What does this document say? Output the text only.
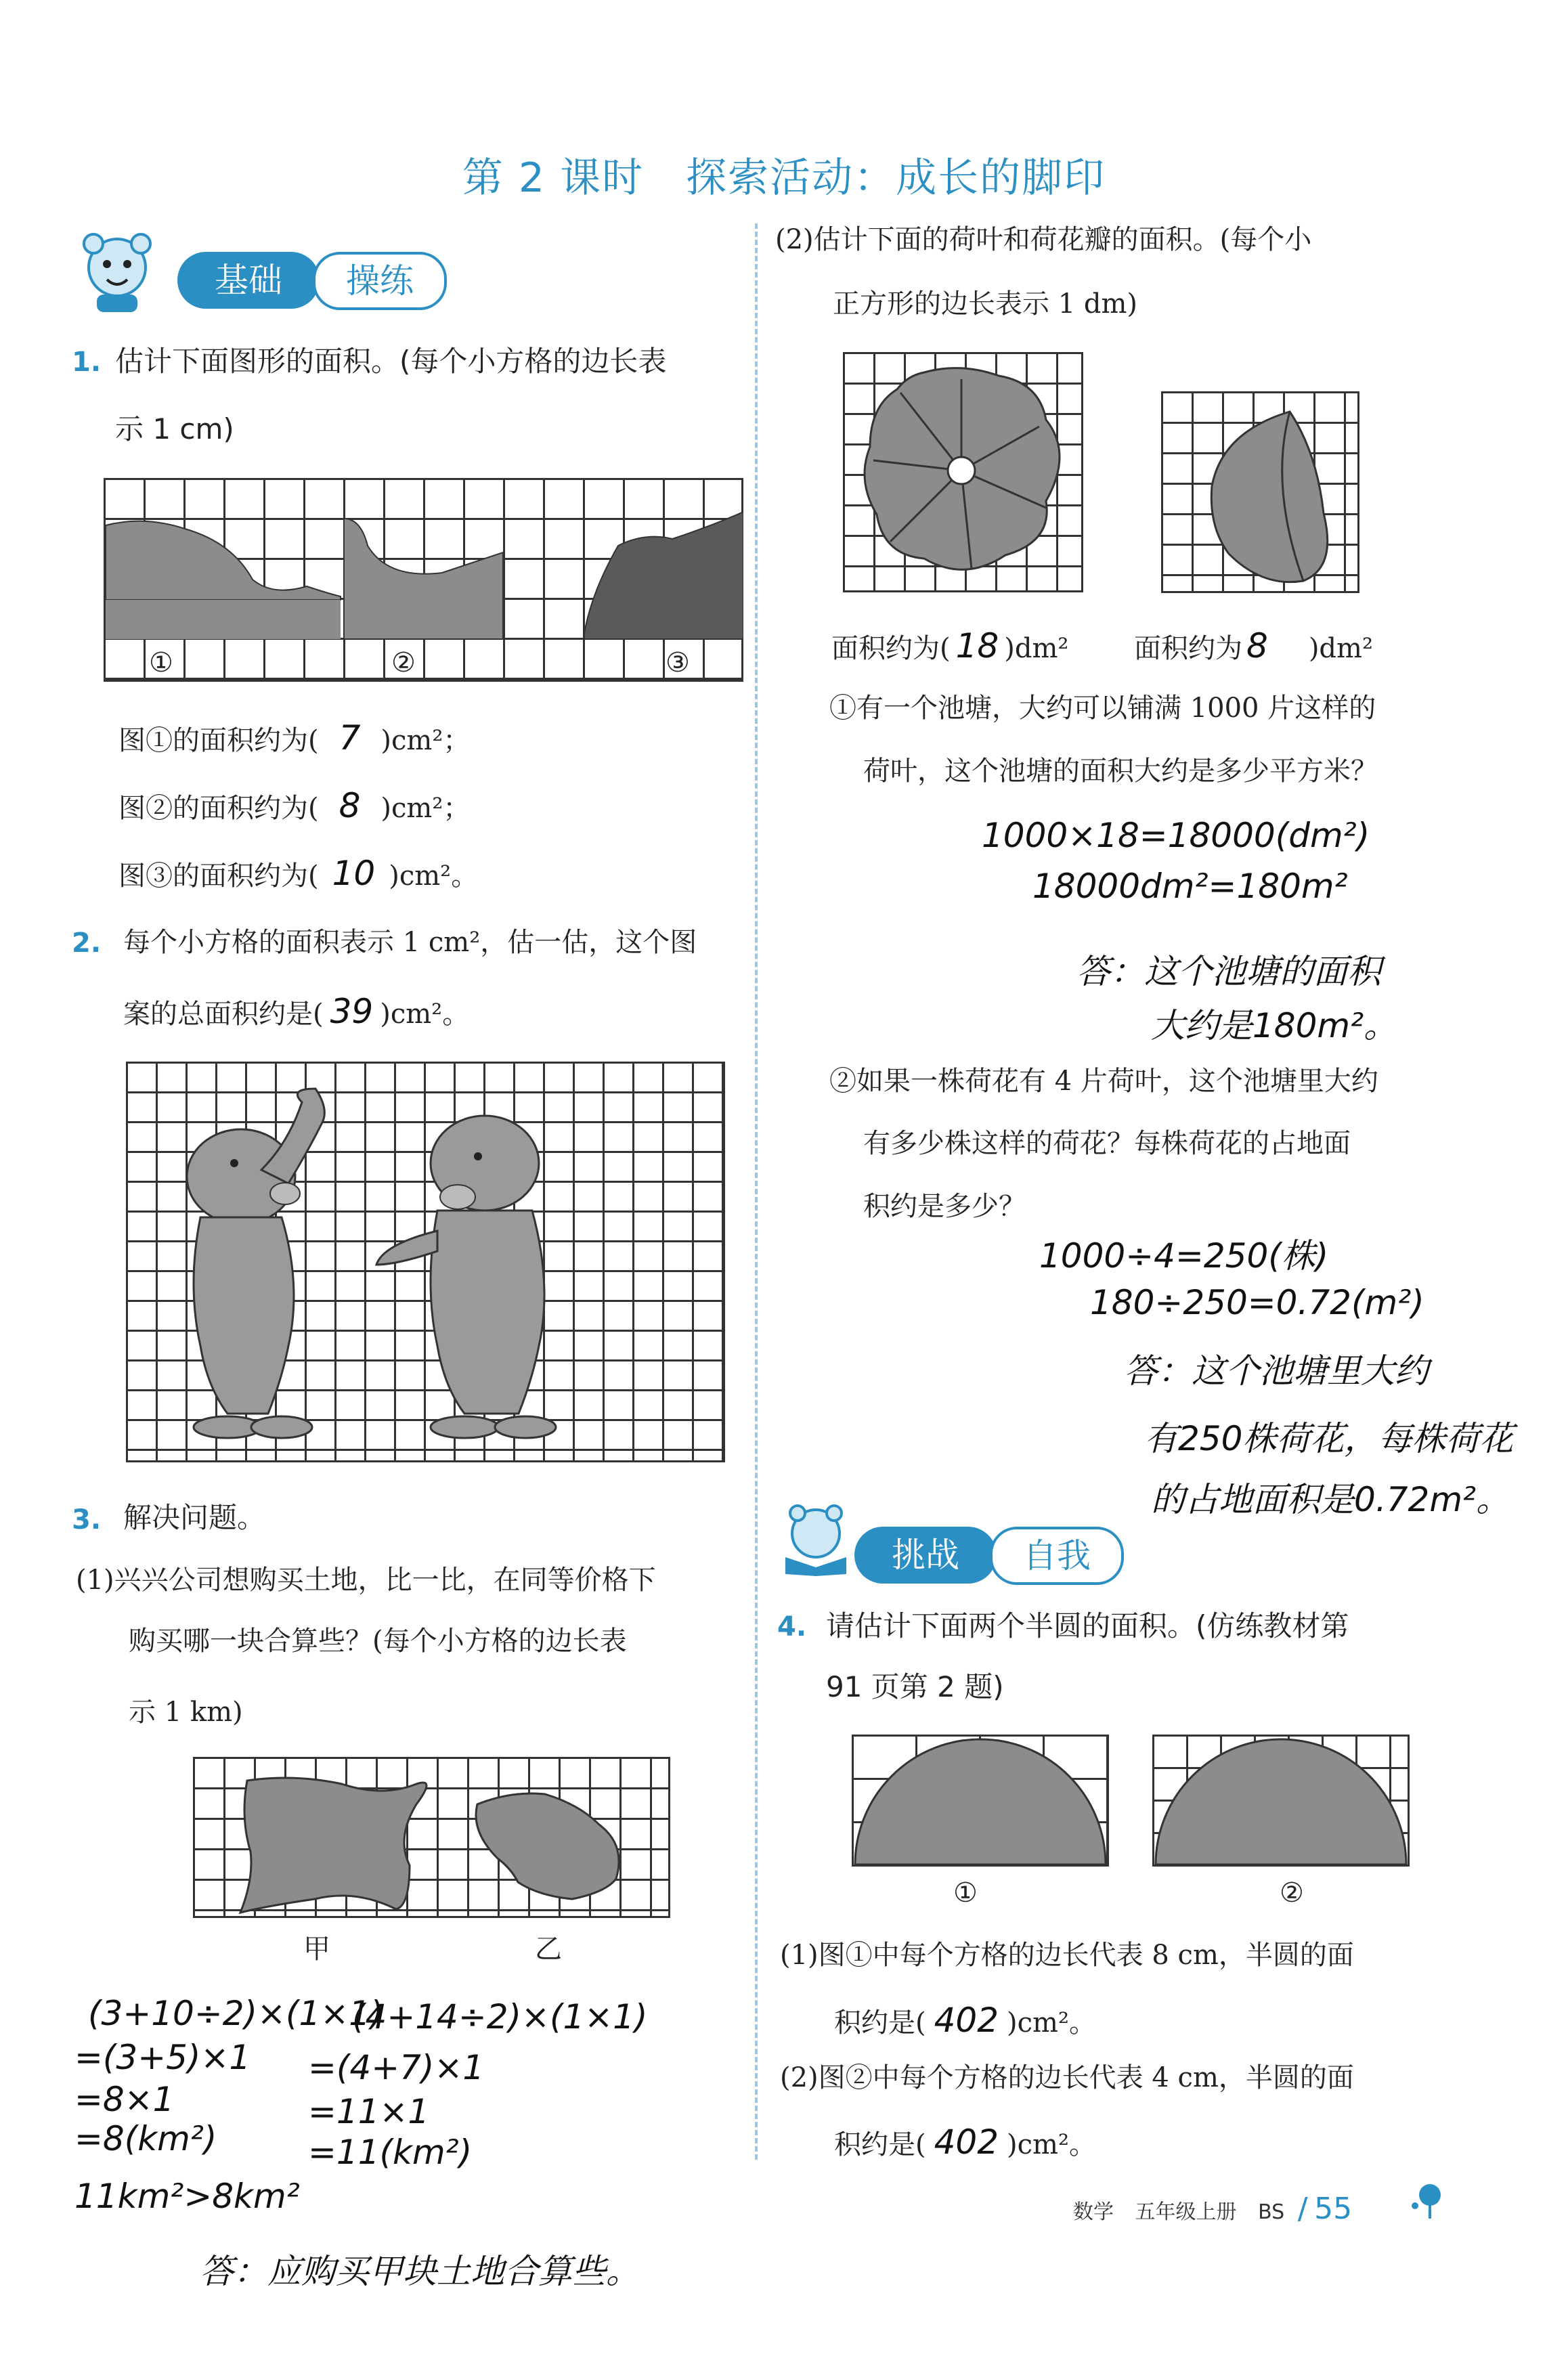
第 2 课时　探索活动：成长的脚印
基础	操练
1. 估计下面图形的面积。(每个小方格的边长表
示 1 cm)
①	②	③
图①的面积约为( 7 )cm²；
图②的面积约为( 8 )cm²；
图③的面积约为( 10 )cm²。
2. 每个小方格的面积表示 1 cm²，估一估，这个图
案的总面积约是( 39 )cm²。
3. 解决问题。
(1)兴兴公司想购买土地，比一比，在同等价格下
购买哪一块合算些？(每个小方格的边长表
示 1 km)
甲	乙
(3+10÷2)×(1×1)
=(3+5)×1
=8×1
=8(km²)
(4+14÷2)×(1×1)
=(4+7)×1
=11×1
=11(km²)
11km²>8km²
答：应购买甲块土地合算些。
(2)估计下面的荷叶和荷花瓣的面积。(每个小
正方形的边长表示 1 dm)
面积约为( 18 )dm² 面积约为 8 )dm²
①有一个池塘，大约可以铺满 1000 片这样的
荷叶，这个池塘的面积大约是多少平方米？
1000×18=18000(dm²)
18000dm²=180m²
答：这个池塘的面积
大约是180m²。
②如果一株荷花有 4 片荷叶，这个池塘里大约
有多少株这样的荷花？每株荷花的占地面
积约是多少？
1000÷4=250(株)
180÷250=0.72(m²)
答：这个池塘里大约
有250株荷花，每株荷花
的占地面积是0.72m²。
挑战	自我
4. 请估计下面两个半圆的面积。(仿练教材第
91 页第 2 题)
①	②
(1)图①中每个方格的边长代表 8 cm，半圆的面
积约是( 402 )cm²。
(2)图②中每个方格的边长代表 4 cm，半圆的面
积约是( 402 )cm²。
数学 五年级上册 BS / 55
